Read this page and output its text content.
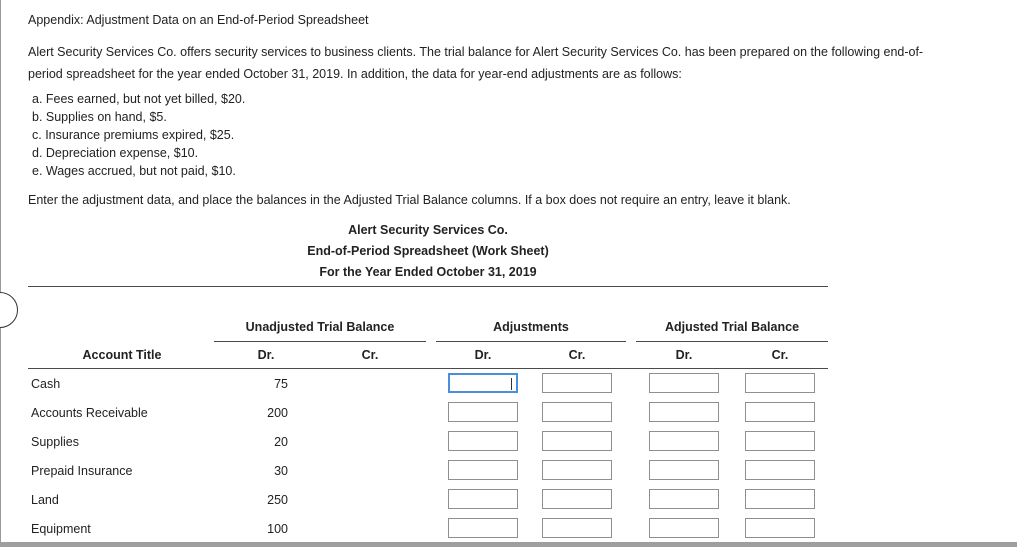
Appendix: Adjustment Data on an End-of-Period Spreadsheet
Alert Security Services Co. offers security services to business clients. The trial balance for Alert Security Services Co. has been prepared on the following end-of-
period spreadsheet for the year ended October 31, 2019. In addition, the data for year-end adjustments are as follows:
a. Fees earned, but not yet billed, $20.
b. Supplies on hand, $5.
c. Insurance premiums expired, $25.
d. Depreciation expense, $10.
e. Wages accrued, but not paid, $10.
Enter the adjustment data, and place the balances in the Adjusted Trial Balance columns. If a box does not require an entry, leave it blank.
Alert Security Services Co.
End-of-Period Spreadsheet (Work Sheet)
For the Year Ended October 31, 2019
Unadjusted Trial Balance	Adjustments	Adjusted Trial Balance
Account Title	Dr.	Cr.	Dr.	Cr.	Dr.	Cr.
Cash	75
Accounts Receivable	200
Supplies	20
Prepaid Insurance	30
Land	250
Equipment	100
